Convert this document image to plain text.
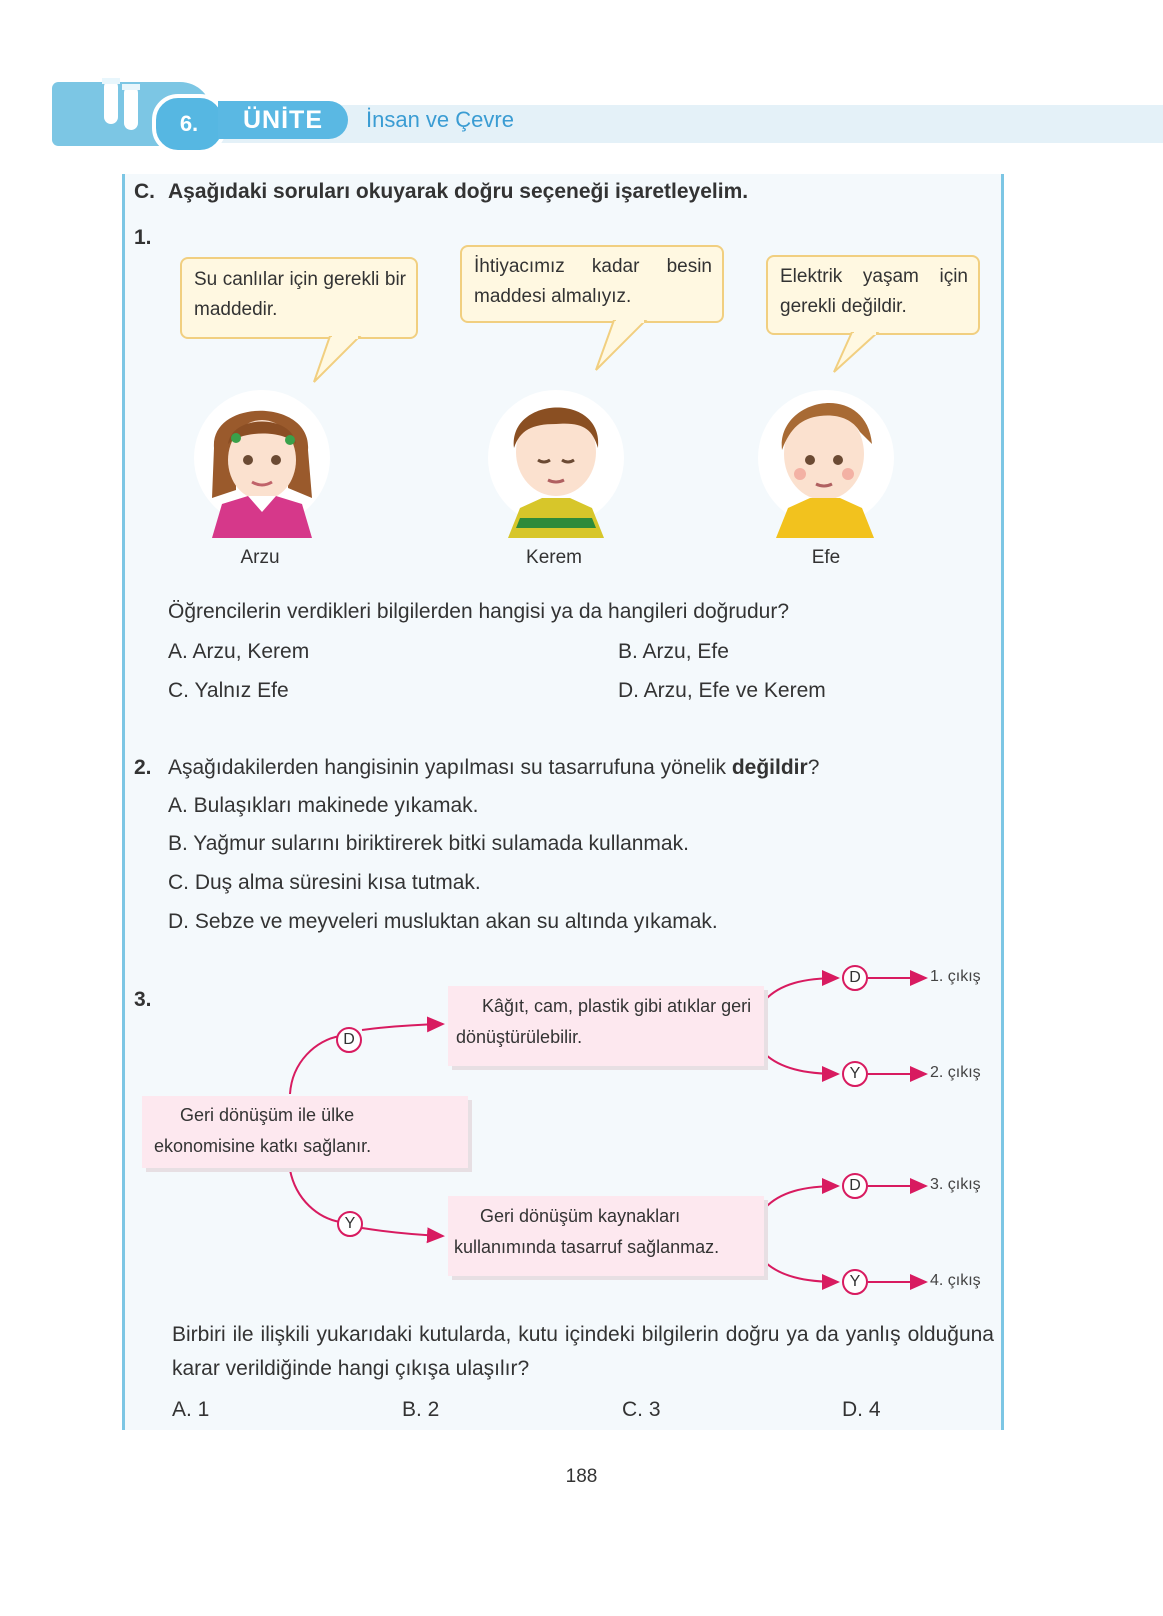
6.	ÜNİTE	İnsan ve Çevre
C. Aşağıdaki soruları okuyarak doğru seçeneği işaretleyelim.
1.
Su canlılar için gerekli bir maddedir.
İhtiyacımız kadar besin maddesi almalıyız.
Elektrik yaşam için gerekli değildir.
Arzu	Kerem	Efe
Öğrencilerin verdikleri bilgilerden hangisi ya da hangileri doğrudur?
A. Arzu, Kerem	B. Arzu, Efe
C. Yalnız Efe	D. Arzu, Efe ve Kerem
2. Aşağıdakilerden hangisinin yapılması su tasarrufuna yönelik değildir?
A. Bulaşıkları makinede yıkamak.
B. Yağmur sularını biriktirerek bitki sulamada kullanmak.
C. Duş alma süresini kısa tutmak.
D. Sebze ve meyveleri musluktan akan su altında yıkamak.
3.
D
Y
D
Y
D
Y
1. çıkış
2. çıkış
3. çıkış
4. çıkış
Geri dönüşüm ile ülke ekonomisine katkı sağlanır.
Kâğıt, cam, plastik gibi atıklar geri dönüştürülebilir.
Geri dönüşüm kaynakları kullanımında tasarruf sağlanmaz.
Birbiri ile ilişkili yukarıdaki kutularda, kutu içindeki bilgilerin doğru ya da yanlış olduğuna karar verildiğinde hangi çıkışa ulaşılır?
A. 1	B. 2	C. 3	D. 4
188
